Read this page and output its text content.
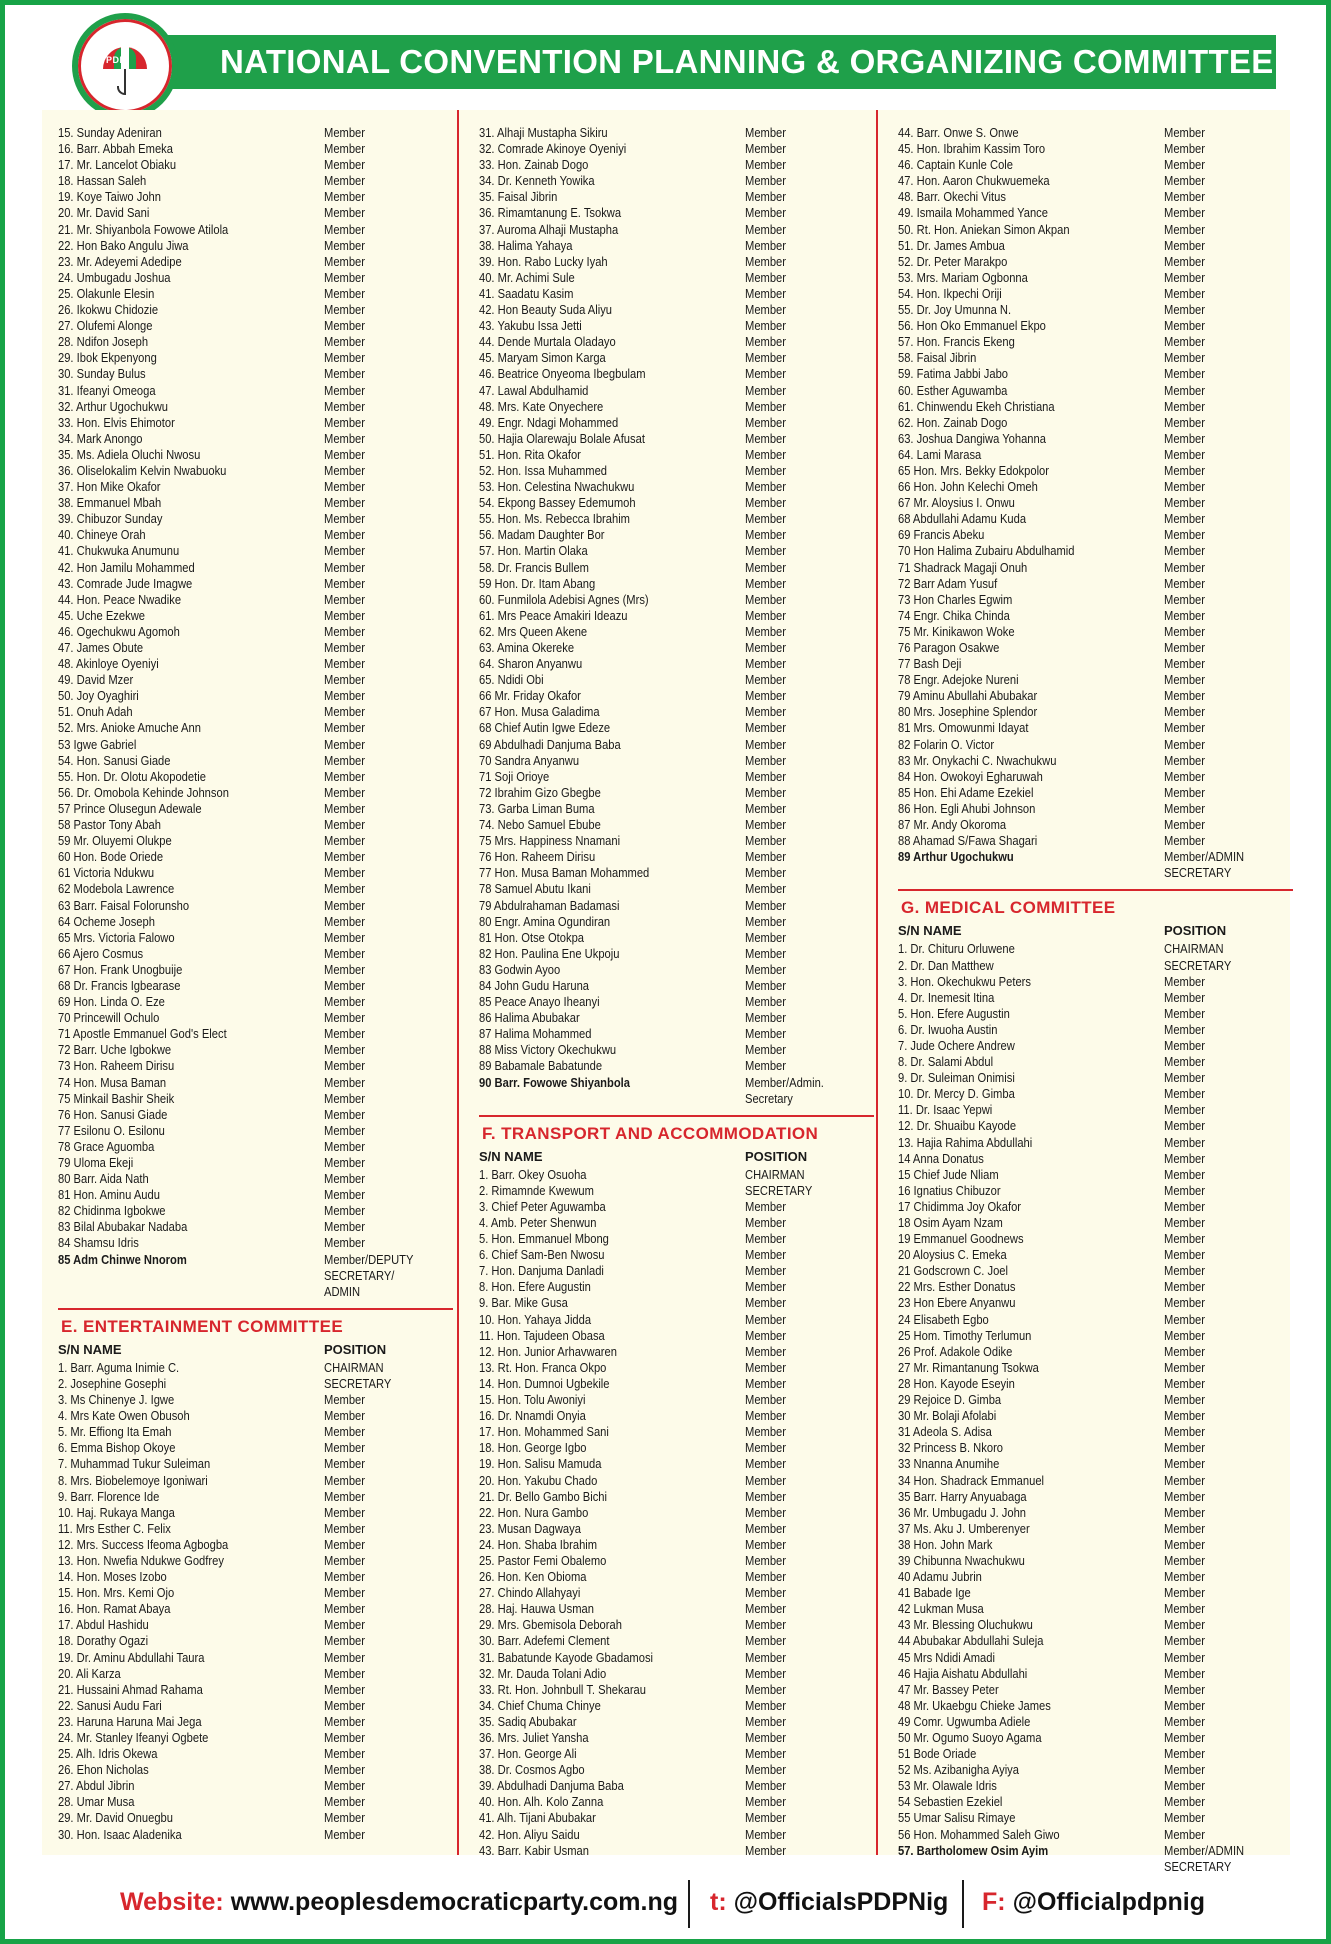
NATIONAL CONVENTION PLANNING & ORGANIZING COMMITTEE
PDP
15. Sunday Adeniran	Member
16. Barr. Abbah Emeka	Member
17. Mr. Lancelot Obiaku	Member
18. Hassan Saleh	Member
19. Koye Taiwo John	Member
20. Mr. David Sani	Member
21. Mr. Shiyanbola Fowowe Atilola	Member
22. Hon Bako Angulu Jiwa	Member
23. Mr. Adeyemi Adedipe	Member
24. Umbugadu Joshua	Member
25. Olakunle Elesin	Member
26. Ikokwu Chidozie	Member
27. Olufemi Alonge	Member
28. Ndifon Joseph	Member
29. Ibok Ekpenyong	Member
30. Sunday Bulus	Member
31. Ifeanyi Omeoga	Member
32. Arthur Ugochukwu	Member
33. Hon. Elvis Ehimotor	Member
34. Mark Anongo	Member
35. Ms. Adiela Oluchi Nwosu	Member
36. Oliselokalim Kelvin Nwabuoku	Member
37. Hon Mike Okafor	Member
38. Emmanuel Mbah	Member
39. Chibuzor Sunday	Member
40. Chineye Orah	Member
41. Chukwuka Anumunu	Member
42. Hon Jamilu Mohammed	Member
43. Comrade Jude Imagwe	Member
44. Hon. Peace Nwadike	Member
45. Uche Ezekwe	Member
46. Ogechukwu Agomoh	Member
47. James Obute	Member
48. Akinloye Oyeniyi	Member
49. David Mzer	Member
50. Joy Oyaghiri	Member
51. Onuh Adah	Member
52. Mrs. Anioke Amuche Ann	Member
53 Igwe Gabriel	Member
54. Hon. Sanusi Giade	Member
55. Hon. Dr. Olotu Akopodetie	Member
56. Dr. Omobola Kehinde Johnson	Member
57 Prince Olusegun Adewale	Member
58 Pastor Tony Abah	Member
59 Mr. Oluyemi Olukpe	Member
60 Hon. Bode Oriede	Member
61 Victoria Ndukwu	Member
62 Modebola Lawrence	Member
63 Barr. Faisal Folorunsho	Member
64 Ocheme Joseph	Member
65 Mrs. Victoria Falowo	Member
66 Ajero Cosmus	Member
67 Hon. Frank Unogbuije	Member
68 Dr. Francis Igbearase	Member
69 Hon. Linda O. Eze	Member
70 Princewill Ochulo	Member
71 Apostle Emmanuel God's Elect	Member
72 Barr. Uche Igbokwe	Member
73 Hon. Raheem Dirisu	Member
74 Hon. Musa Baman	Member
75 Minkail Bashir Sheik	Member
76 Hon. Sanusi Giade	Member
77 Esilonu O. Esilonu	Member
78 Grace Aguomba	Member
79 Uloma Ekeji	Member
80 Barr. Aida Nath	Member
81 Hon. Aminu Audu	Member
82 Chidinma Igbokwe	Member
83 Bilal Abubakar Nadaba	Member
84 Shamsu Idris	Member
85 Adm Chinwe Nnorom	Member/DEPUTY SECRETARY/ ADMIN
E. ENTERTAINMENT COMMITTEE
S/N NAME	POSITION
1. Barr. Aguma Inimie C.	CHAIRMAN
2. Josephine Gosephi	SECRETARY
3. Ms Chinenye J. Igwe	Member
4. Mrs Kate Owen Obusoh	Member
5. Mr. Effiong Ita Emah	Member
6. Emma Bishop Okoye	Member
7. Muhammad Tukur Suleiman	Member
8. Mrs. Biobelemoye Igoniwari	Member
9. Barr. Florence Ide	Member
10. Haj. Rukaya Manga	Member
11. Mrs Esther C. Felix	Member
12. Mrs. Success Ifeoma Agbogba	Member
13. Hon. Nwefia Ndukwe Godfrey	Member
14. Hon. Moses Izobo	Member
15. Hon. Mrs. Kemi Ojo	Member
16. Hon. Ramat Abaya	Member
17. Abdul Hashidu	Member
18. Dorathy Ogazi	Member
19. Dr. Aminu Abdullahi Taura	Member
20. Ali Karza	Member
21. Hussaini Ahmad Rahama	Member
22. Sanusi Audu Fari	Member
23. Haruna Haruna Mai Jega	Member
24. Mr. Stanley Ifeanyi Ogbete	Member
25. Alh. Idris Okewa	Member
26. Ehon Nicholas	Member
27. Abdul Jibrin	Member
28. Umar Musa	Member
29. Mr. David Onuegbu	Member
30. Hon. Isaac Aladenika	Member
31. Alhaji Mustapha Sikiru	Member
32. Comrade Akinoye Oyeniyi	Member
33. Hon. Zainab Dogo	Member
34. Dr. Kenneth Yowika	Member
35. Faisal Jibrin	Member
36. Rimamtanung E. Tsokwa	Member
37. Auroma Alhaji Mustapha	Member
38. Halima Yahaya	Member
39. Hon. Rabo Lucky Iyah	Member
40. Mr. Achimi Sule	Member
41. Saadatu Kasim	Member
42. Hon Beauty Suda Aliyu	Member
43. Yakubu Issa Jetti	Member
44. Dende Murtala Oladayo	Member
45. Maryam Simon Karga	Member
46. Beatrice Onyeoma Ibegbulam	Member
47. Lawal Abdulhamid	Member
48. Mrs. Kate Onyechere	Member
49. Engr. Ndagi Mohammed	Member
50. Hajia Olarewaju Bolale Afusat	Member
51. Hon. Rita Okafor	Member
52. Hon. Issa Muhammed	Member
53. Hon. Celestina Nwachukwu	Member
54. Ekpong Bassey Edemumoh	Member
55. Hon. Ms. Rebecca Ibrahim	Member
56. Madam Daughter Bor	Member
57. Hon. Martin Olaka	Member
58. Dr. Francis Bullem	Member
59 Hon. Dr. Itam Abang	Member
60. Funmilola Adebisi Agnes (Mrs)	Member
61. Mrs Peace Amakiri Ideazu	Member
62. Mrs Queen Akene	Member
63. Amina Okereke	Member
64. Sharon Anyanwu	Member
65. Ndidi Obi	Member
66 Mr. Friday Okafor	Member
67 Hon. Musa Galadima	Member
68 Chief Autin Igwe Edeze	Member
69 Abdulhadi Danjuma Baba	Member
70 Sandra Anyanwu	Member
71 Soji Orioye	Member
72 Ibrahim Gizo Gbegbe	Member
73. Garba Liman Buma	Member
74. Nebo Samuel Ebube	Member
75 Mrs. Happiness Nnamani	Member
76 Hon. Raheem Dirisu	Member
77 Hon. Musa Baman Mohammed	Member
78 Samuel Abutu Ikani	Member
79 Abdulrahaman Badamasi	Member
80 Engr. Amina Ogundiran	Member
81 Hon. Otse Otokpa	Member
82 Hon. Paulina Ene Ukpoju	Member
83 Godwin Ayoo	Member
84 John Gudu Haruna	Member
85 Peace Anayo Iheanyi	Member
86 Halima Abubakar	Member
87 Halima Mohammed	Member
88 Miss Victory Okechukwu	Member
89 Babamale Babatunde	Member
90 Barr. Fowowe Shiyanbola	Member/Admin. Secretary
F. TRANSPORT AND ACCOMMODATION
S/N NAME	POSITION
1. Barr. Okey Osuoha	CHAIRMAN
2. Rimamnde Kwewum	SECRETARY
3. Chief Peter Aguwamba	Member
4. Amb. Peter Shenwun	Member
5. Hon. Emmanuel Mbong	Member
6. Chief Sam-Ben Nwosu	Member
7. Hon. Danjuma Danladi	Member
8. Hon. Efere Augustin	Member
9. Bar. Mike Gusa	Member
10. Hon. Yahaya Jidda	Member
11. Hon. Tajudeen Obasa	Member
12. Hon. Junior Arhavwaren	Member
13. Rt. Hon. Franca Okpo	Member
14. Hon. Dumnoi Ugbekile	Member
15. Hon. Tolu Awoniyi	Member
16. Dr. Nnamdi Onyia	Member
17. Hon. Mohammed Sani	Member
18. Hon. George Igbo	Member
19. Hon. Salisu Mamuda	Member
20. Hon. Yakubu Chado	Member
21. Dr. Bello Gambo Bichi	Member
22. Hon. Nura Gambo	Member
23. Musan Dagwaya	Member
24. Hon. Shaba Ibrahim	Member
25. Pastor Femi Obalemo	Member
26. Hon. Ken Obioma	Member
27. Chindo Allahyayi	Member
28. Haj. Hauwa Usman	Member
29. Mrs. Gbemisola Deborah	Member
30. Barr. Adefemi Clement	Member
31. Babatunde Kayode Gbadamosi	Member
32. Mr. Dauda Tolani Adio	Member
33. Rt. Hon. Johnbull T. Shekarau	Member
34. Chief Chuma Chinye	Member
35. Sadiq Abubakar	Member
36. Mrs. Juliet Yansha	Member
37. Hon. George Ali	Member
38. Dr. Cosmos Agbo	Member
39. Abdulhadi Danjuma Baba	Member
40. Hon. Alh. Kolo Zanna	Member
41. Alh. Tijani Abubakar	Member
42. Hon. Aliyu Saidu	Member
43. Barr. Kabir Usman	Member
44. Barr. Onwe S. Onwe	Member
45. Hon. Ibrahim Kassim Toro	Member
46. Captain Kunle Cole	Member
47. Hon. Aaron Chukwuemeka	Member
48. Barr. Okechi Vitus	Member
49. Ismaila Mohammed Yance	Member
50. Rt. Hon. Aniekan Simon Akpan	Member
51. Dr. James Ambua	Member
52. Dr. Peter Marakpo	Member
53. Mrs. Mariam Ogbonna	Member
54. Hon. Ikpechi Oriji	Member
55. Dr. Joy Umunna N.	Member
56. Hon Oko Emmanuel Ekpo	Member
57. Hon. Francis Ekeng	Member
58. Faisal Jibrin	Member
59. Fatima Jabbi Jabo	Member
60. Esther Aguwamba	Member
61. Chinwendu Ekeh Christiana	Member
62. Hon. Zainab Dogo	Member
63. Joshua Dangiwa Yohanna	Member
64. Lami Marasa	Member
65 Hon. Mrs. Bekky Edokpolor	Member
66 Hon. John Kelechi Omeh	Member
67 Mr. Aloysius I. Onwu	Member
68 Abdullahi Adamu Kuda	Member
69 Francis Abeku	Member
70 Hon Halima Zubairu Abdulhamid	Member
71 Shadrack Magaji Onuh	Member
72 Barr Adam Yusuf	Member
73 Hon Charles Egwim	Member
74 Engr. Chika Chinda	Member
75 Mr. Kinikawon Woke	Member
76 Paragon Osakwe	Member
77 Bash Deji	Member
78 Engr. Adejoke Nureni	Member
79 Aminu Abullahi Abubakar	Member
80 Mrs. Josephine Splendor	Member
81 Mrs. Omowunmi Idayat	Member
82 Folarin O. Victor	Member
83 Mr. Onykachi C. Nwachukwu	Member
84 Hon. Owokoyi Egharuwah	Member
85 Hon. Ehi Adame Ezekiel	Member
86 Hon. Egli Ahubi Johnson	Member
87 Mr. Andy Okoroma	Member
88 Ahamad S/Fawa Shagari	Member
89 Arthur Ugochukwu	Member/ADMIN SECRETARY
G. MEDICAL COMMITTEE
S/N NAME	POSITION
1. Dr. Chituru Orluwene	CHAIRMAN
2. Dr. Dan Matthew	SECRETARY
3. Hon. Okechukwu Peters	Member
4. Dr. Inemesit Itina	Member
5. Hon. Efere Augustin	Member
6. Dr. Iwuoha Austin	Member
7. Jude Ochere Andrew	Member
8. Dr. Salami Abdul	Member
9. Dr. Suleiman Onimisi	Member
10. Dr. Mercy D. Gimba	Member
11. Dr. Isaac Yepwi	Member
12. Dr. Shuaibu Kayode	Member
13. Hajia Rahima Abdullahi	Member
14 Anna Donatus	Member
15 Chief Jude Nliam	Member
16 Ignatius Chibuzor	Member
17 Chidimma Joy Okafor	Member
18 Osim Ayam Nzam	Member
19 Emmanuel Goodnews	Member
20 Aloysius C. Emeka	Member
21 Godscrown C. Joel	Member
22 Mrs. Esther Donatus	Member
23 Hon Ebere Anyanwu	Member
24 Elisabeth Egbo	Member
25 Hom. Timothy Terlumun	Member
26 Prof. Adakole Odike	Member
27 Mr. Rimantanung Tsokwa	Member
28 Hon. Kayode Eseyin	Member
29 Rejoice D. Gimba	Member
30 Mr. Bolaji Afolabi	Member
31 Adeola S. Adisa	Member
32 Princess B. Nkoro	Member
33 Nnanna Anumihe	Member
34 Hon. Shadrack Emmanuel	Member
35 Barr. Harry Anyuabaga	Member
36 Mr. Umbugadu J. John	Member
37 Ms. Aku J. Umberenyer	Member
38 Hon. John Mark	Member
39 Chibunna Nwachukwu	Member
40 Adamu Jubrin	Member
41 Babade Ige	Member
42 Lukman Musa	Member
43 Mr. Blessing Oluchukwu	Member
44 Abubakar Abdullahi Suleja	Member
45 Mrs Ndidi Amadi	Member
46 Hajia Aishatu Abdullahi	Member
47 Mr. Bassey Peter	Member
48 Mr. Ukaebgu Chieke James	Member
49 Comr. Ugwumba Adiele	Member
50 Mr. Ogumo Suoyo Agama	Member
51 Bode Oriade	Member
52 Ms. Azibanigha Ayiya	Member
53 Mr. Olawale Idris	Member
54 Sebastien Ezekiel	Member
55 Umar Salisu Rimaye	Member
56 Hon. Mohammed Saleh Giwo	Member
57. Bartholomew Osim Ayim	Member/ADMIN SECRETARY
Website: www.peoplesdemocraticparty.com.ng t: @OfficialsPDPNig F: @Officialpdpnig
